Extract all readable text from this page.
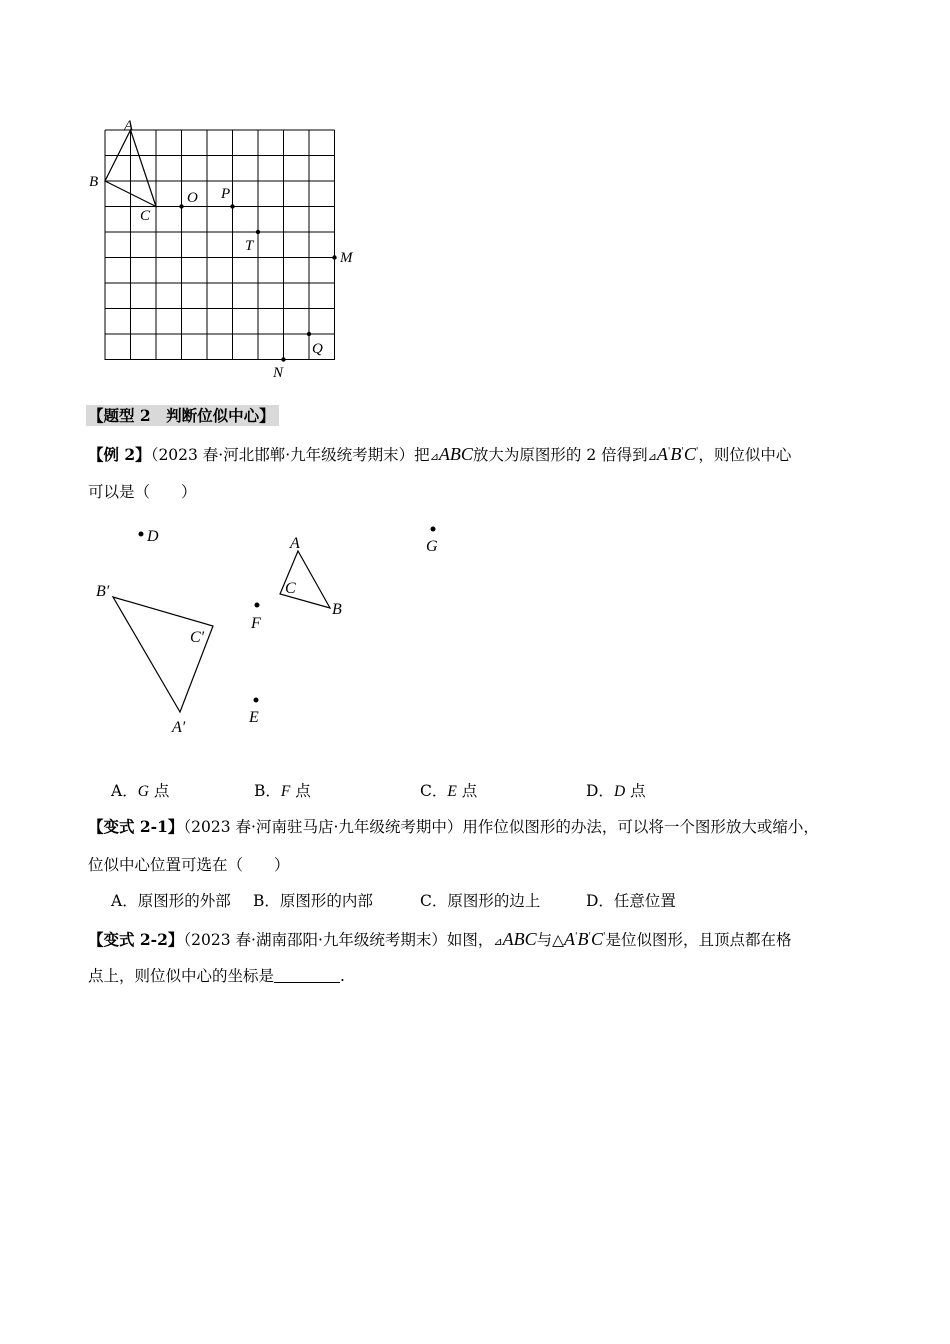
A
B
C
O P
T
M
Q
N
【题型 2　判断位似中心】
【例 2】（2023 春·河北邯郸·九年级统考期末）把⊿ABC放大为原图形的 2 倍得到⊿A'B'C'，则位似中心
可以是（　　）
D
G
A
C
B
B′
C′
F
E
A′
A．G 点	B．F 点	C．E 点	D．D 点
【变式 2-1】（2023 春·河南驻马店·九年级统考期中）用作位似图形的办法，可以将一个图形放大或缩小，
位似中心位置可选在（　　）
A．原图形的外部 B．原图形的内部	C．原图形的边上	D．任意位置
【变式 2-2】（2023 春·湖南邵阳·九年级统考期末）如图，⊿ABC与△A'B'C'是位似图形，且顶点都在格
点上，则位似中心的坐标是	.
